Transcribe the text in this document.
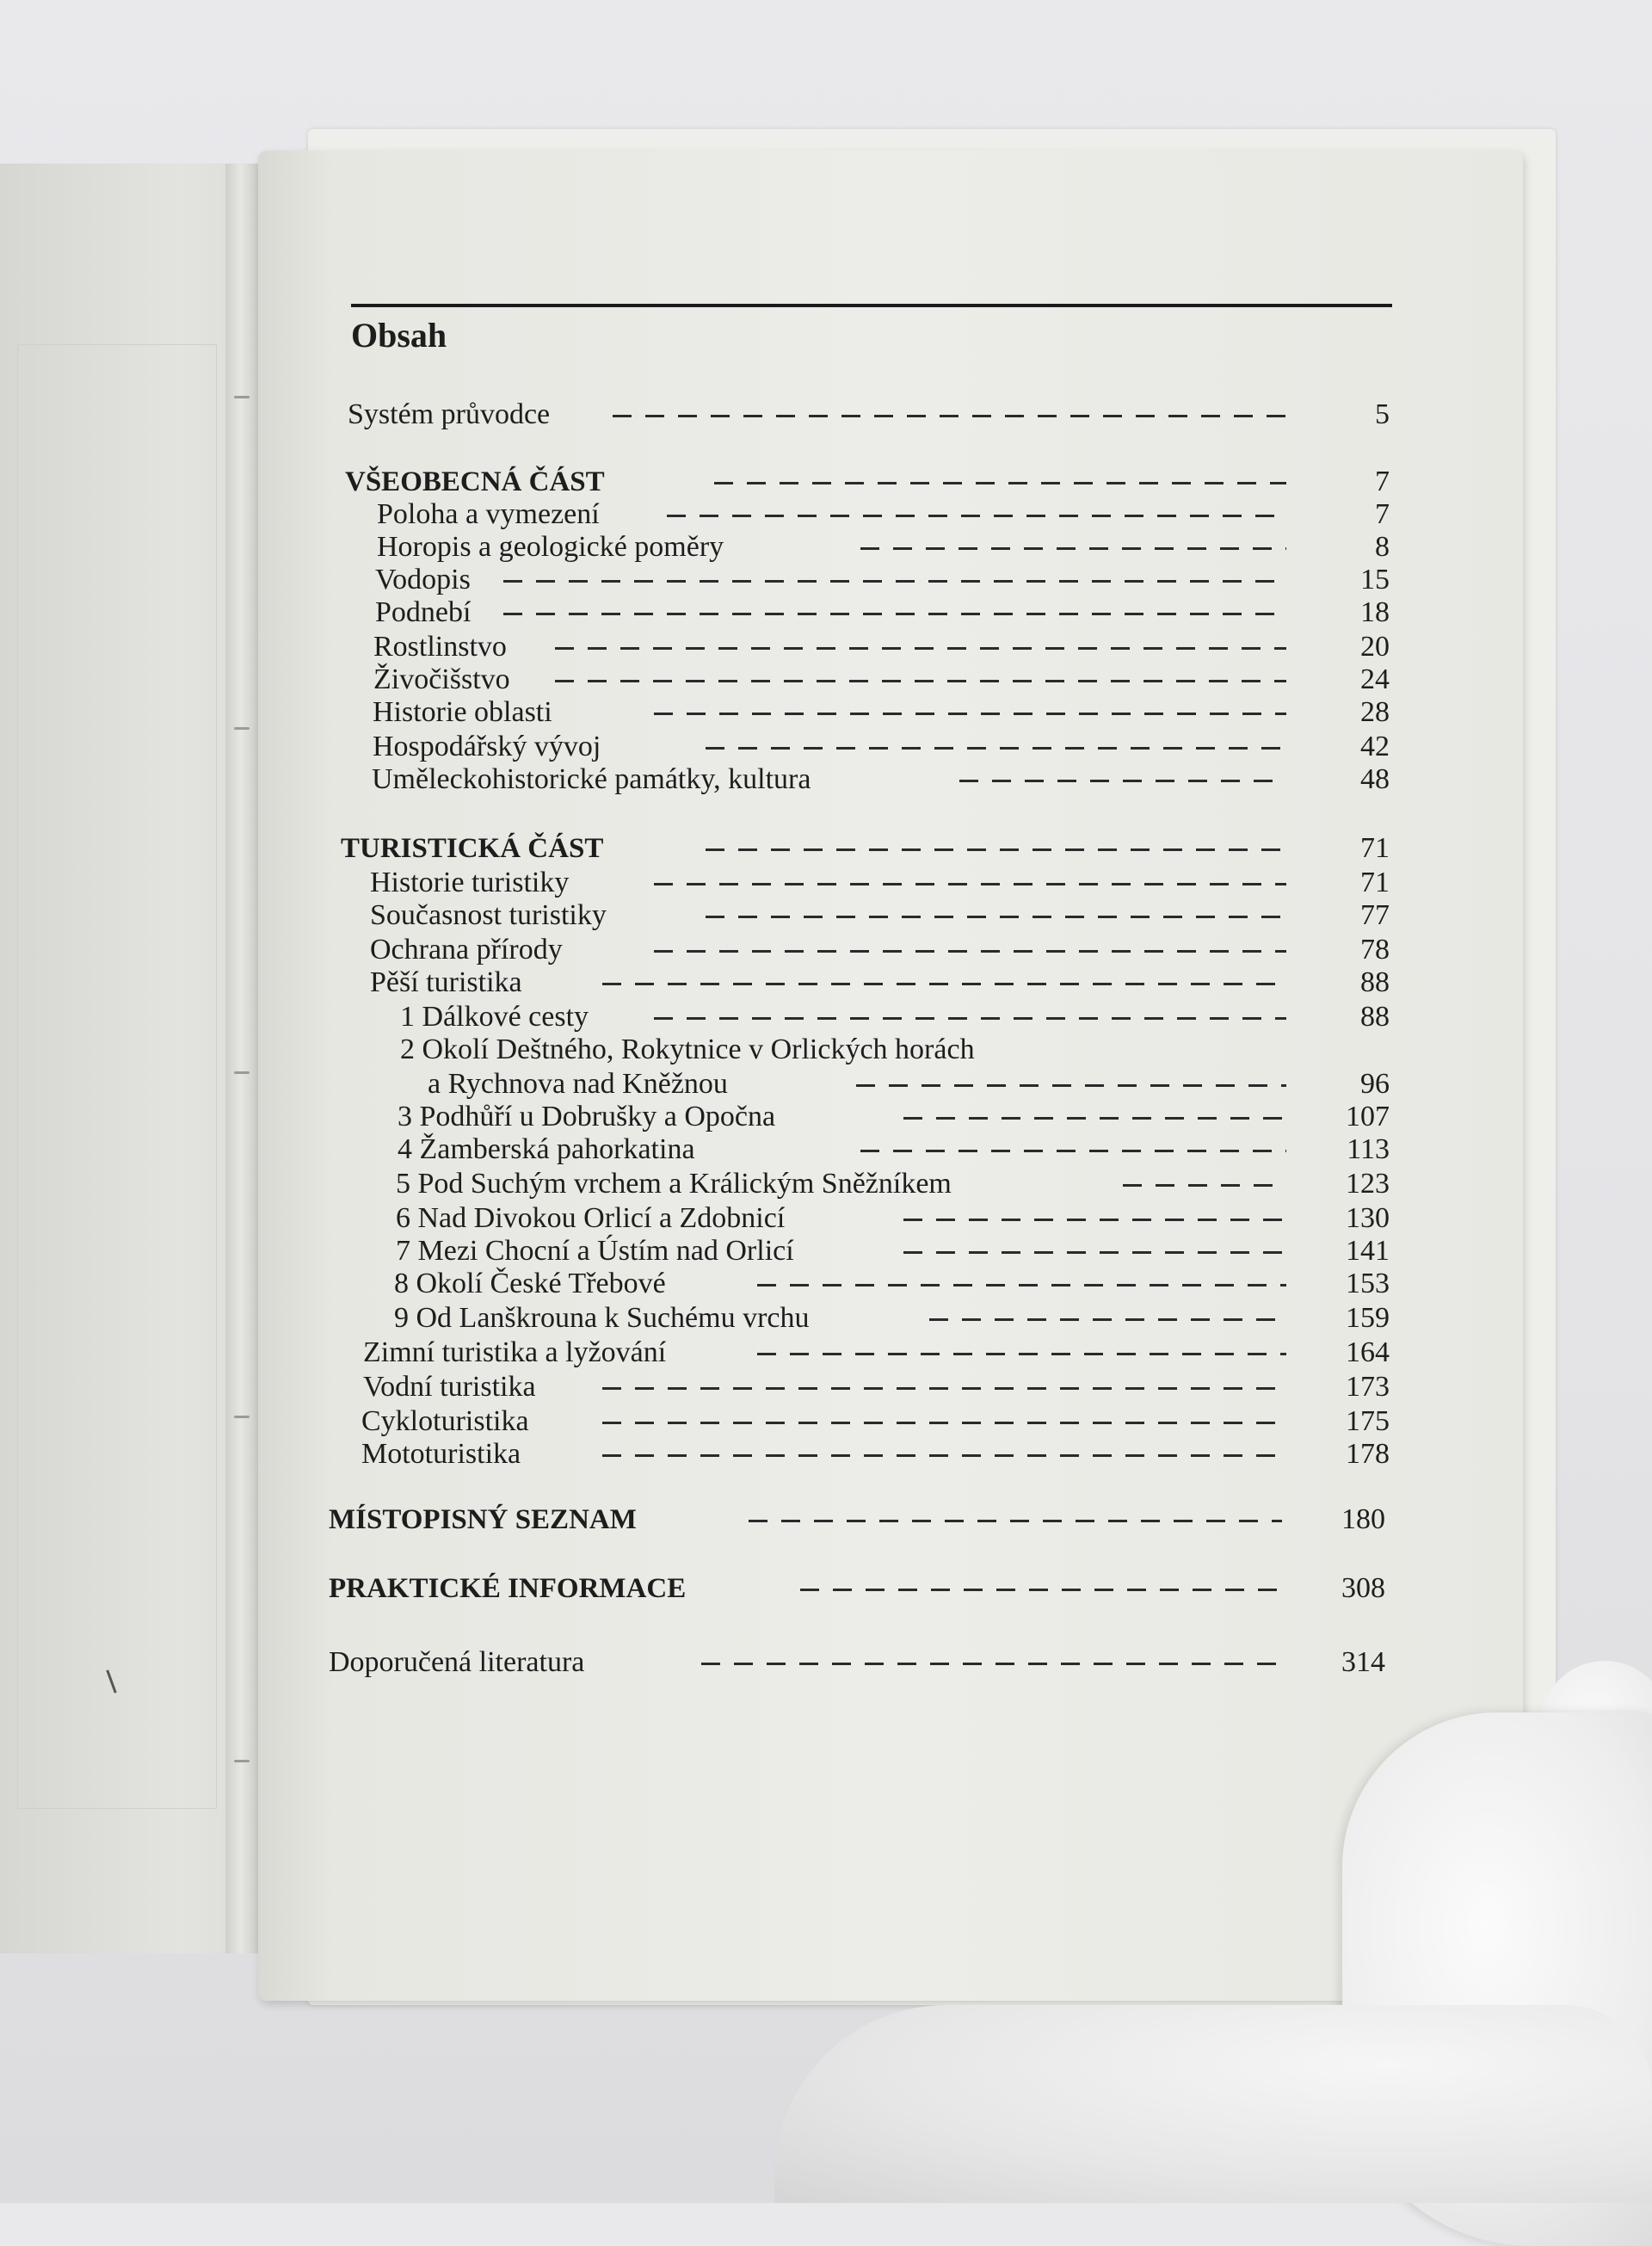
Obsah
Systém průvodce	5
VŠEOBECNÁ ČÁST	7
Poloha a vymezení	7
Horopis a geologické poměry	8
Vodopis	15
Podnebí	18
Rostlinstvo	20
Živočišstvo	24
Historie oblasti	28
Hospodářský vývoj	42
Uměleckohistorické památky, kultura	48
TURISTICKÁ ČÁST	71
Historie turistiky	71
Současnost turistiky	77
Ochrana přírody	78
Pěší turistika	88
1 Dálkové cesty	88
2 Okolí Deštného, Rokytnice v Orlických horách
a Rychnova nad Kněžnou	96
3 Podhůří u Dobrušky a Opočna	107
4 Žamberská pahorkatina	113
5 Pod Suchým vrchem a Králickým Sněžníkem	123
6 Nad Divokou Orlicí a Zdobnicí	130
7 Mezi Chocní a Ústím nad Orlicí	141
8 Okolí České Třebové	153
9 Od Lanškrouna k Suchému vrchu	159
Zimní turistika a lyžování	164
Vodní turistika	173
Cykloturistika	175
Mototuristika	178
MÍSTOPISNÝ SEZNAM	180
PRAKTICKÉ INFORMACE	308
Doporučená literatura	314
